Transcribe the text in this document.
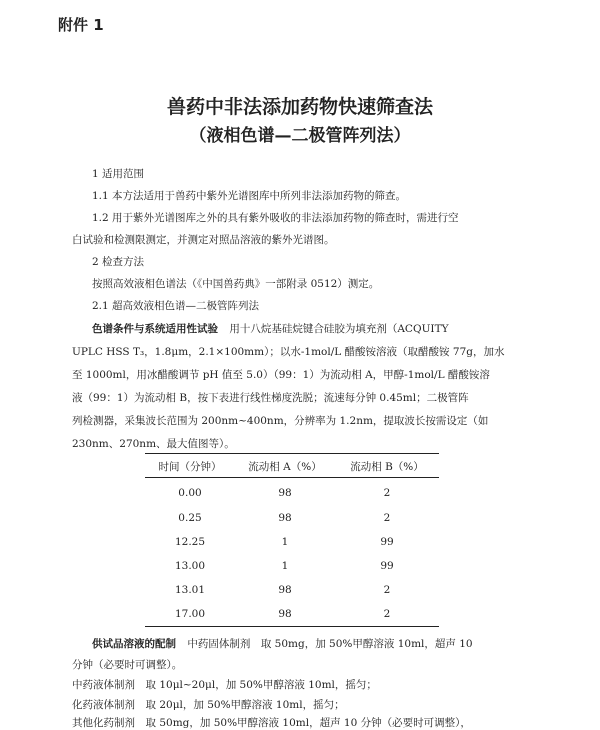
附件 1
兽药中非法添加药物快速筛查法
（液相色谱—二极管阵列法）
1 适用范围
1.1 本方法适用于兽药中紫外光谱图库中所列非法添加药物的筛查。
1.2 用于紫外光谱图库之外的具有紫外吸收的非法添加药物的筛查时，需进行空
白试验和检测限测定，并测定对照品溶液的紫外光谱图。
2 检查方法
按照高效液相色谱法（《中国兽药典》一部附录 0512）测定。
2.1 超高效液相色谱—二极管阵列法
色谱条件与系统适用性试验 用十八烷基硅烷键合硅胶为填充剂（ACQUITY
UPLC HSS T₃，1.8μm，2.1×100mm）；以水-1mol/L 醋酸铵溶液（取醋酸铵 77g，加水
至 1000ml，用冰醋酸调节 pH 值至 5.0）（99：1）为流动相 A，甲醇-1mol/L 醋酸铵溶
液（99：1）为流动相 B，按下表进行线性梯度洗脱；流速每分钟 0.45ml；二极管阵
列检测器，采集波长范围为 200nm~400nm，分辨率为 1.2nm，提取波长按需设定（如
230nm、270nm、最大值图等）。
时间（分钟）	流动相 A（%）	流动相 B（%）
0.00	98	2
0.25	98	2
12.25	1	99
13.00	1	99
13.01	98	2
17.00	98	2
供试品溶液的配制 中药固体制剂　取 50mg，加 50%甲醇溶液 10ml，超声 10
分钟（必要时可调整）。
中药液体制剂　取 10μl~20μl，加 50%甲醇溶液 10ml，摇匀；
化药液体制剂　取 20μl，加 50%甲醇溶液 10ml，摇匀；
其他化药制剂　取 50mg，加 50%甲醇溶液 10ml，超声 10 分钟（必要时可调整），
